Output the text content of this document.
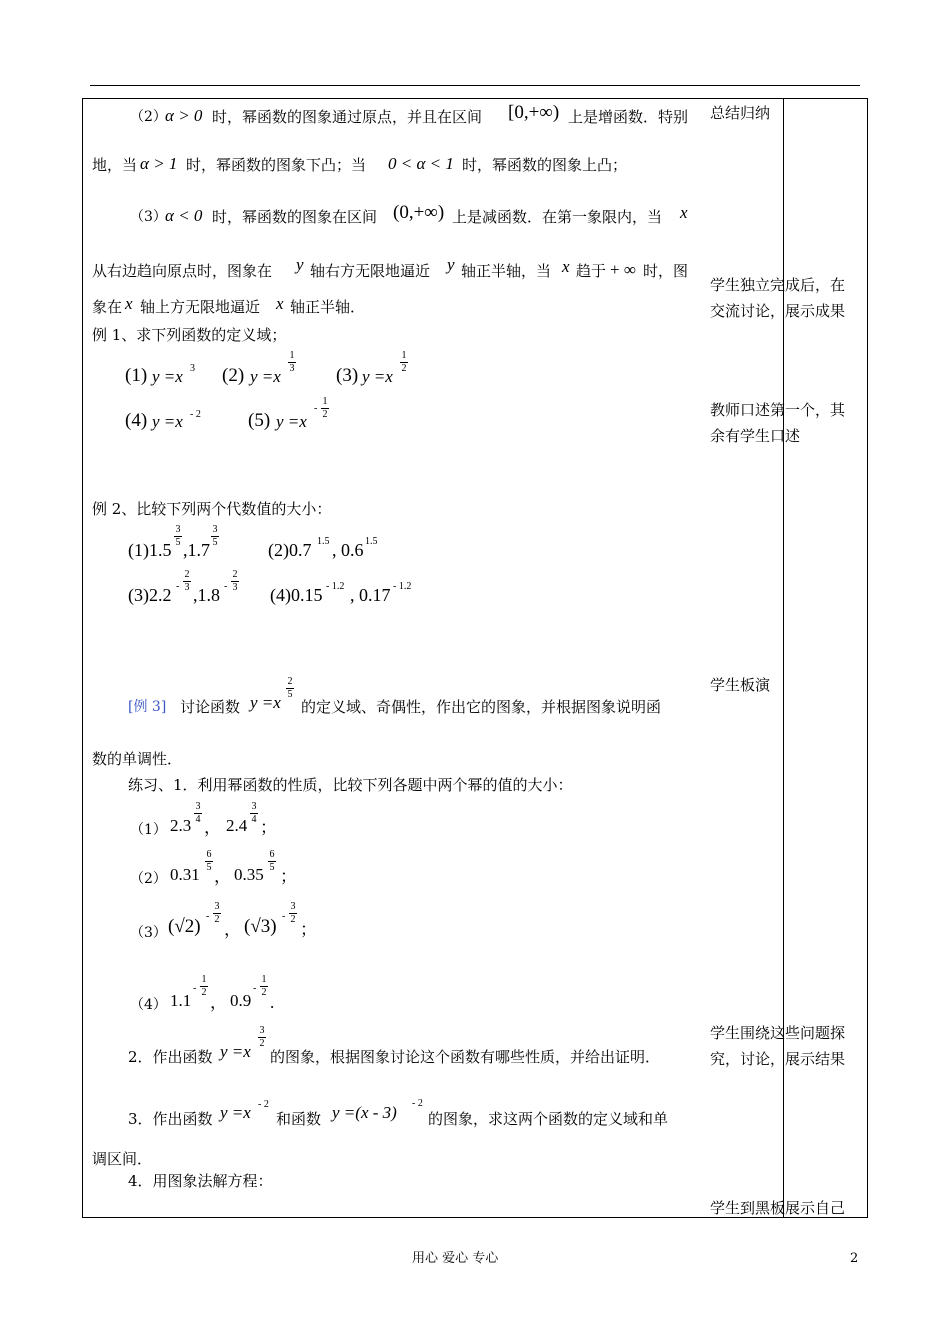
总结归纳
学生独立完成后，在
交流讨论，展示成果
教师口述第一个，其
余有学生口述
学生板演
学生围绕这些问题探
究，讨论，展示结果
学生到黑板展示自己
（2）
α > 0 时，幂函数的图象通过原点，并且在区间 [0,+∞) 上是增函数．特别
地，当 α > 1 时，幂函数的图象下凸；当 0 < α < 1 时，幂函数的图象上凸；
（3）
α < 0 时，幂函数的图象在区间 (0,+∞) 上是减函数．在第一象限内，当 x
从右边趋向原点时，图象在 y 轴右方无限地逼近 y 轴正半轴，当 x 趋于 + ∞ 时，图
象在 x 轴上方无限地逼近 x 轴正半轴．
例 1、求下列函数的定义域；
(1) y =x 3 (2) y =x
1
3 (3) y =x
1
2
(4) y =x - 2 (5) y =x
-
1
2
例 2、比较下列两个代数值的大小：
(1)1.5
3
5 ,1.7
3
5	(2)0.7 1.5 , 0.6 1.5
(3)2.2 -
2
3 ,1.8 -
2
3 (4)0.15 - 1.2 , 0.17 - 1.2
[例 3] 讨论函数 y =x
2
5
的定义域、奇偶性，作出它的图象，并根据图象说明函
数的单调性．
练习、1．利用幂函数的性质，比较下列各题中两个幂的值的大小：
（1） 2.3
3
4 ， 2.4
3
4 ；
（2） 0.31
6
5 ， 0.35
6
5 ；
（3） (√2) -
3
2
， (√3) -
3
2
；
（4） 1.1
-
1
2
， 0.9
-
1
2
.
2．作出函数 y =x
3
2
的图象，根据图象讨论这个函数有哪些性质，并给出证明．
3．作出函数 y =x - 2
和函数 y =(x - 3) - 2
的图象，求这两个函数的定义域和单
调区间．
4．用图象法解方程：
用心 爱心 专心	2
